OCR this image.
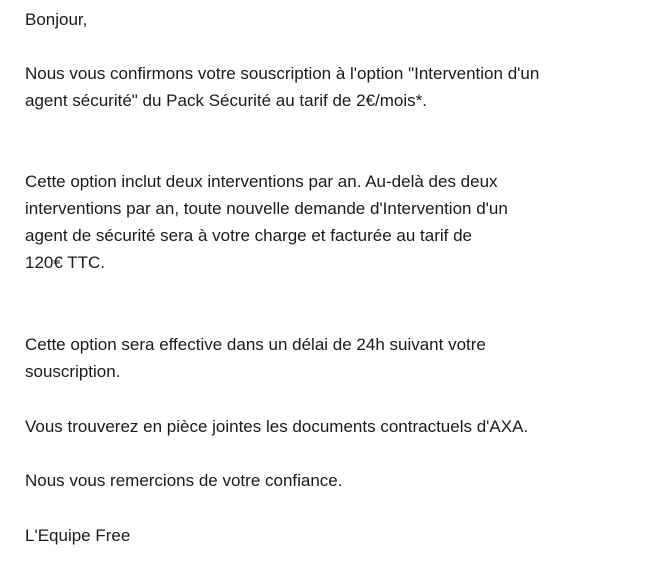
Bonjour,

Nous vous confirmons votre souscription à l'option "Intervention d'un
agent sécurité" du Pack Sécurité au tarif de 2€/mois*.

Cette option inclut deux interventions par an. Au-delà des deux
interventions par an, toute nouvelle demande d'Intervention d'un
agent de sécurité sera à votre charge et facturée au tarif de
120€ TTC.

Cette option sera effective dans un délai de 24h suivant votre
souscription.

Vous trouverez en pièce jointes les documents contractuels d'AXA.

Nous vous remercions de votre confiance.

L'Equipe Free
